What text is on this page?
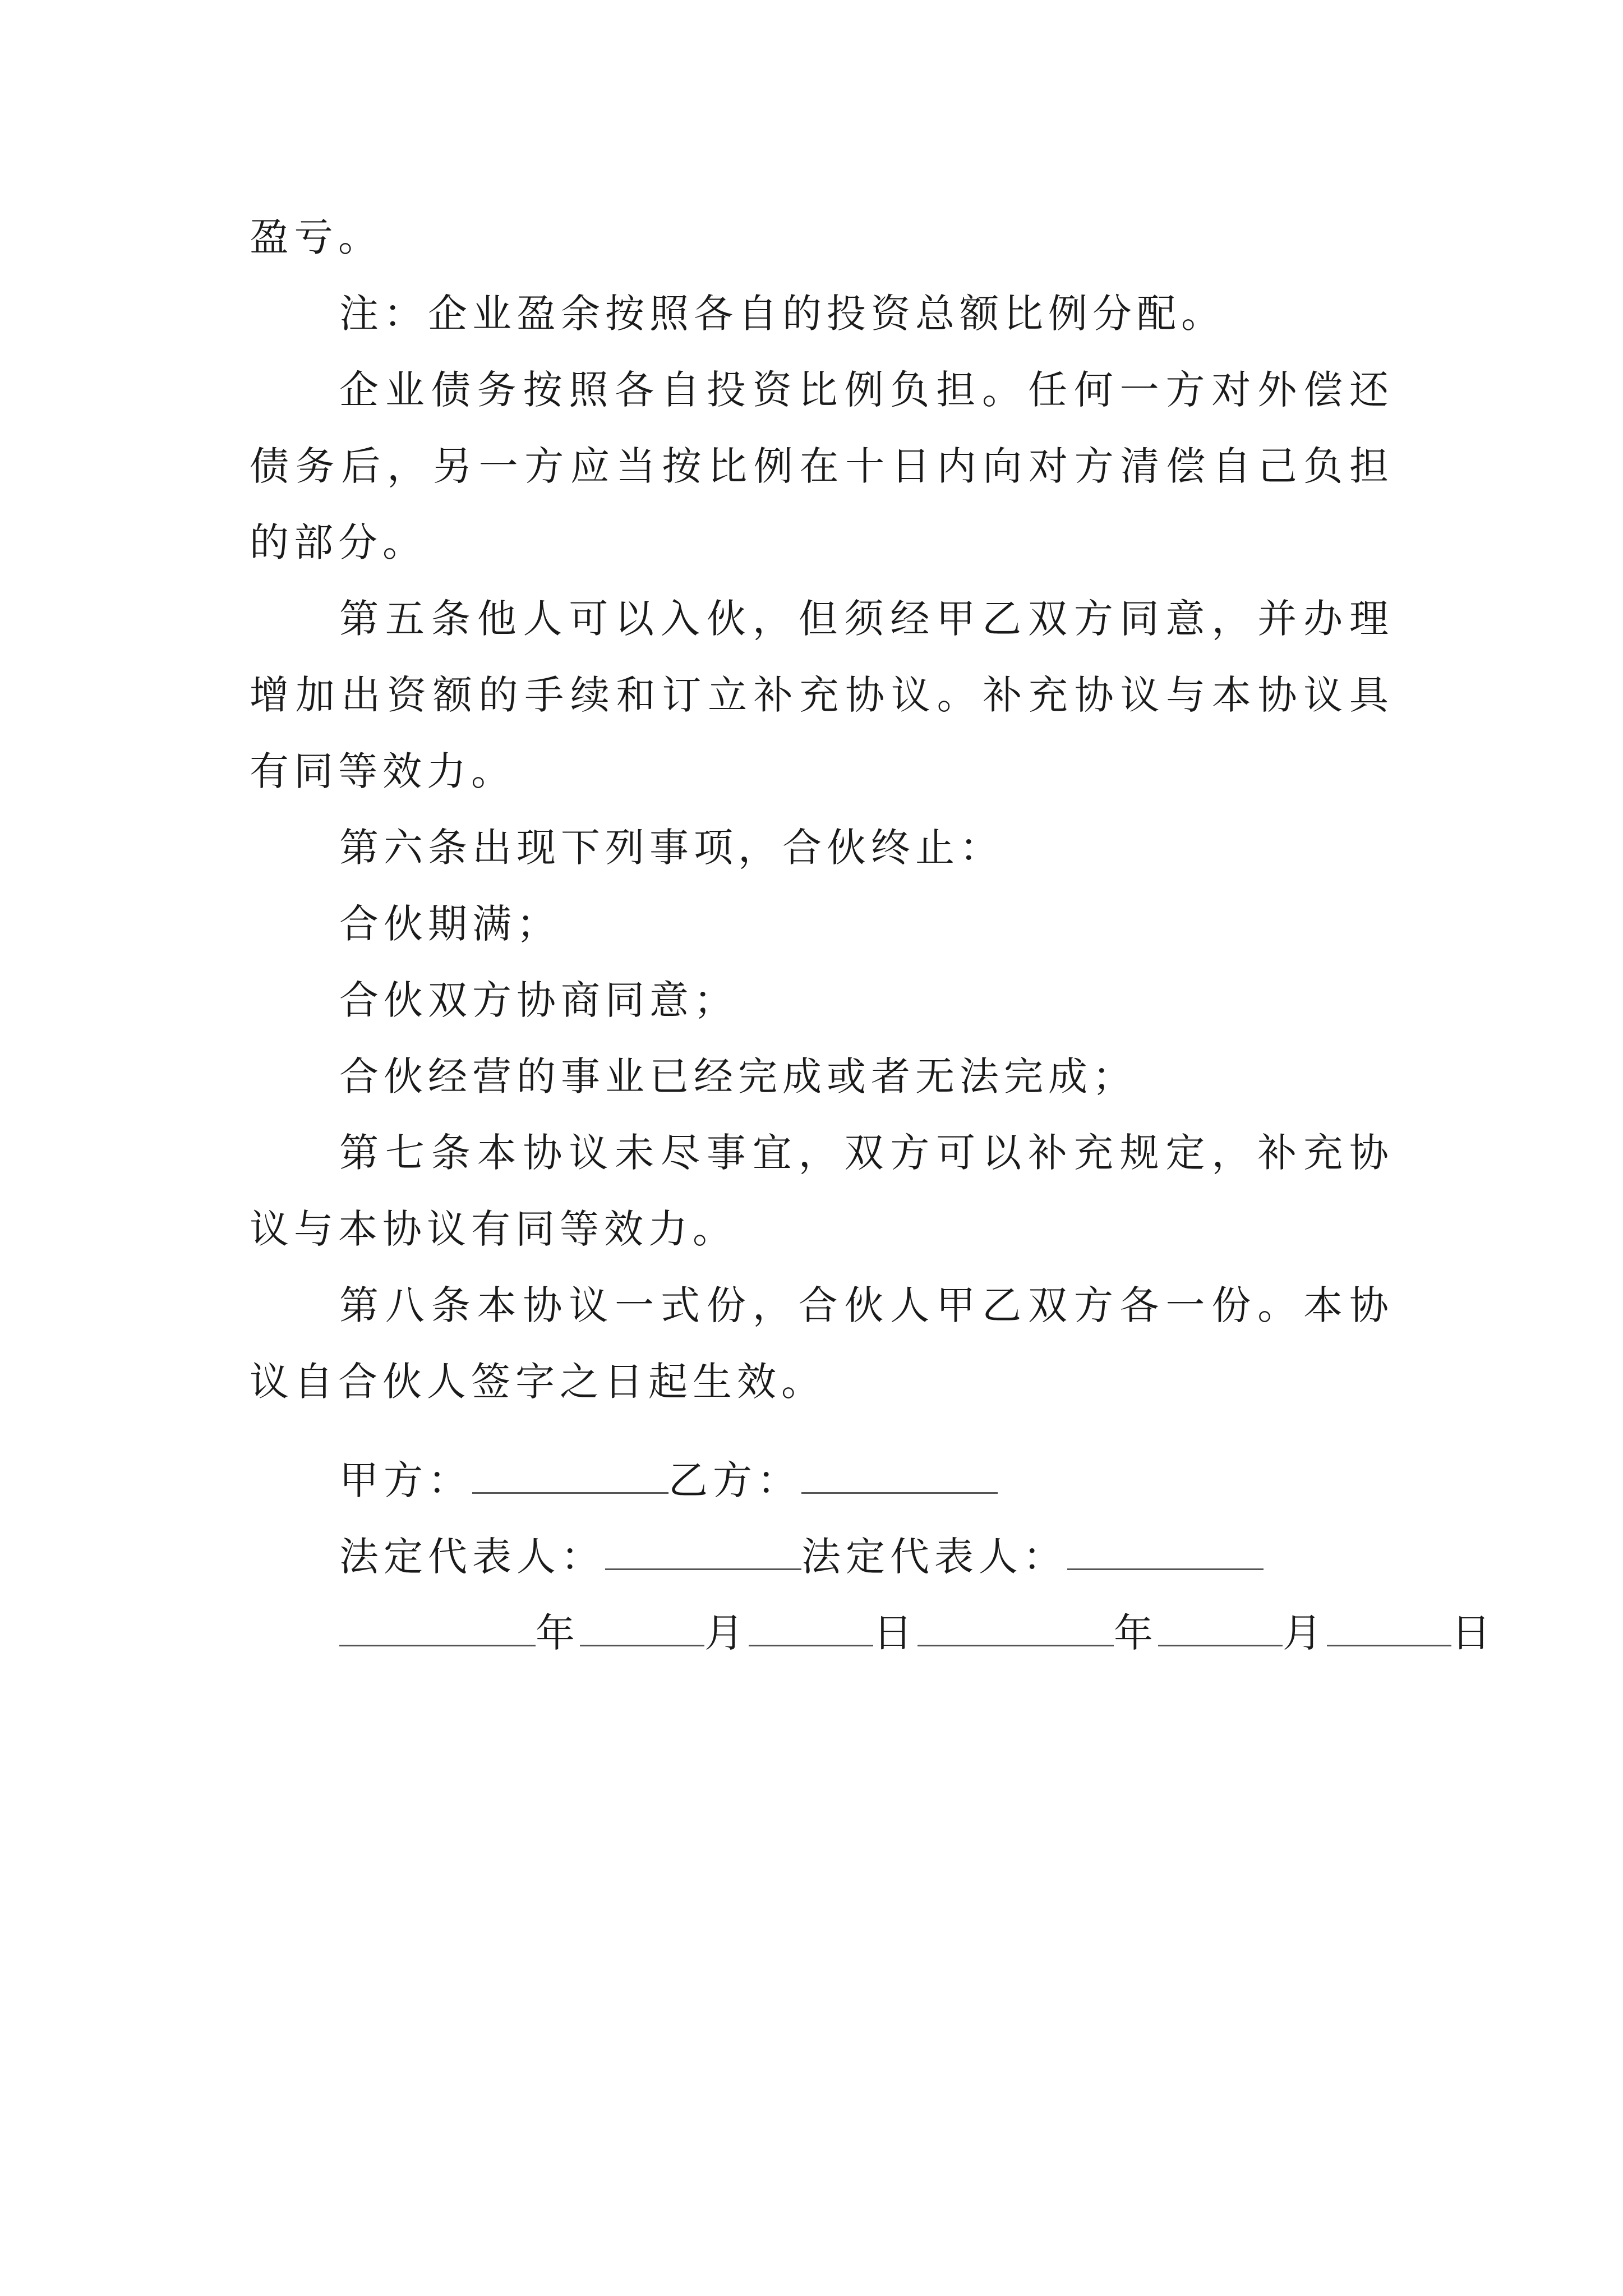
盈亏。

注：企业盈余按照各自的投资总额比例分配。

企业债务按照各自投资比例负担。任何一方对外偿还债务后，另一方应当按比例在十日内向对方清偿自己负担的部分。

第五条他人可以入伙，但须经甲乙双方同意，并办理增加出资额的手续和订立补充协议。补充协议与本协议具有同等效力。

第六条出现下列事项，合伙终止：

合伙期满；

合伙双方协商同意；

合伙经营的事业已经完成或者无法完成；

第七条本协议未尽事宜，双方可以补充规定，补充协议与本协议有同等效力。

第八条本协议一式份，合伙人甲乙双方各一份。本协议自合伙人签字之日起生效。

甲方：	乙方：
法定代表人：	法定代表人：
年	月	日	年	月	日
